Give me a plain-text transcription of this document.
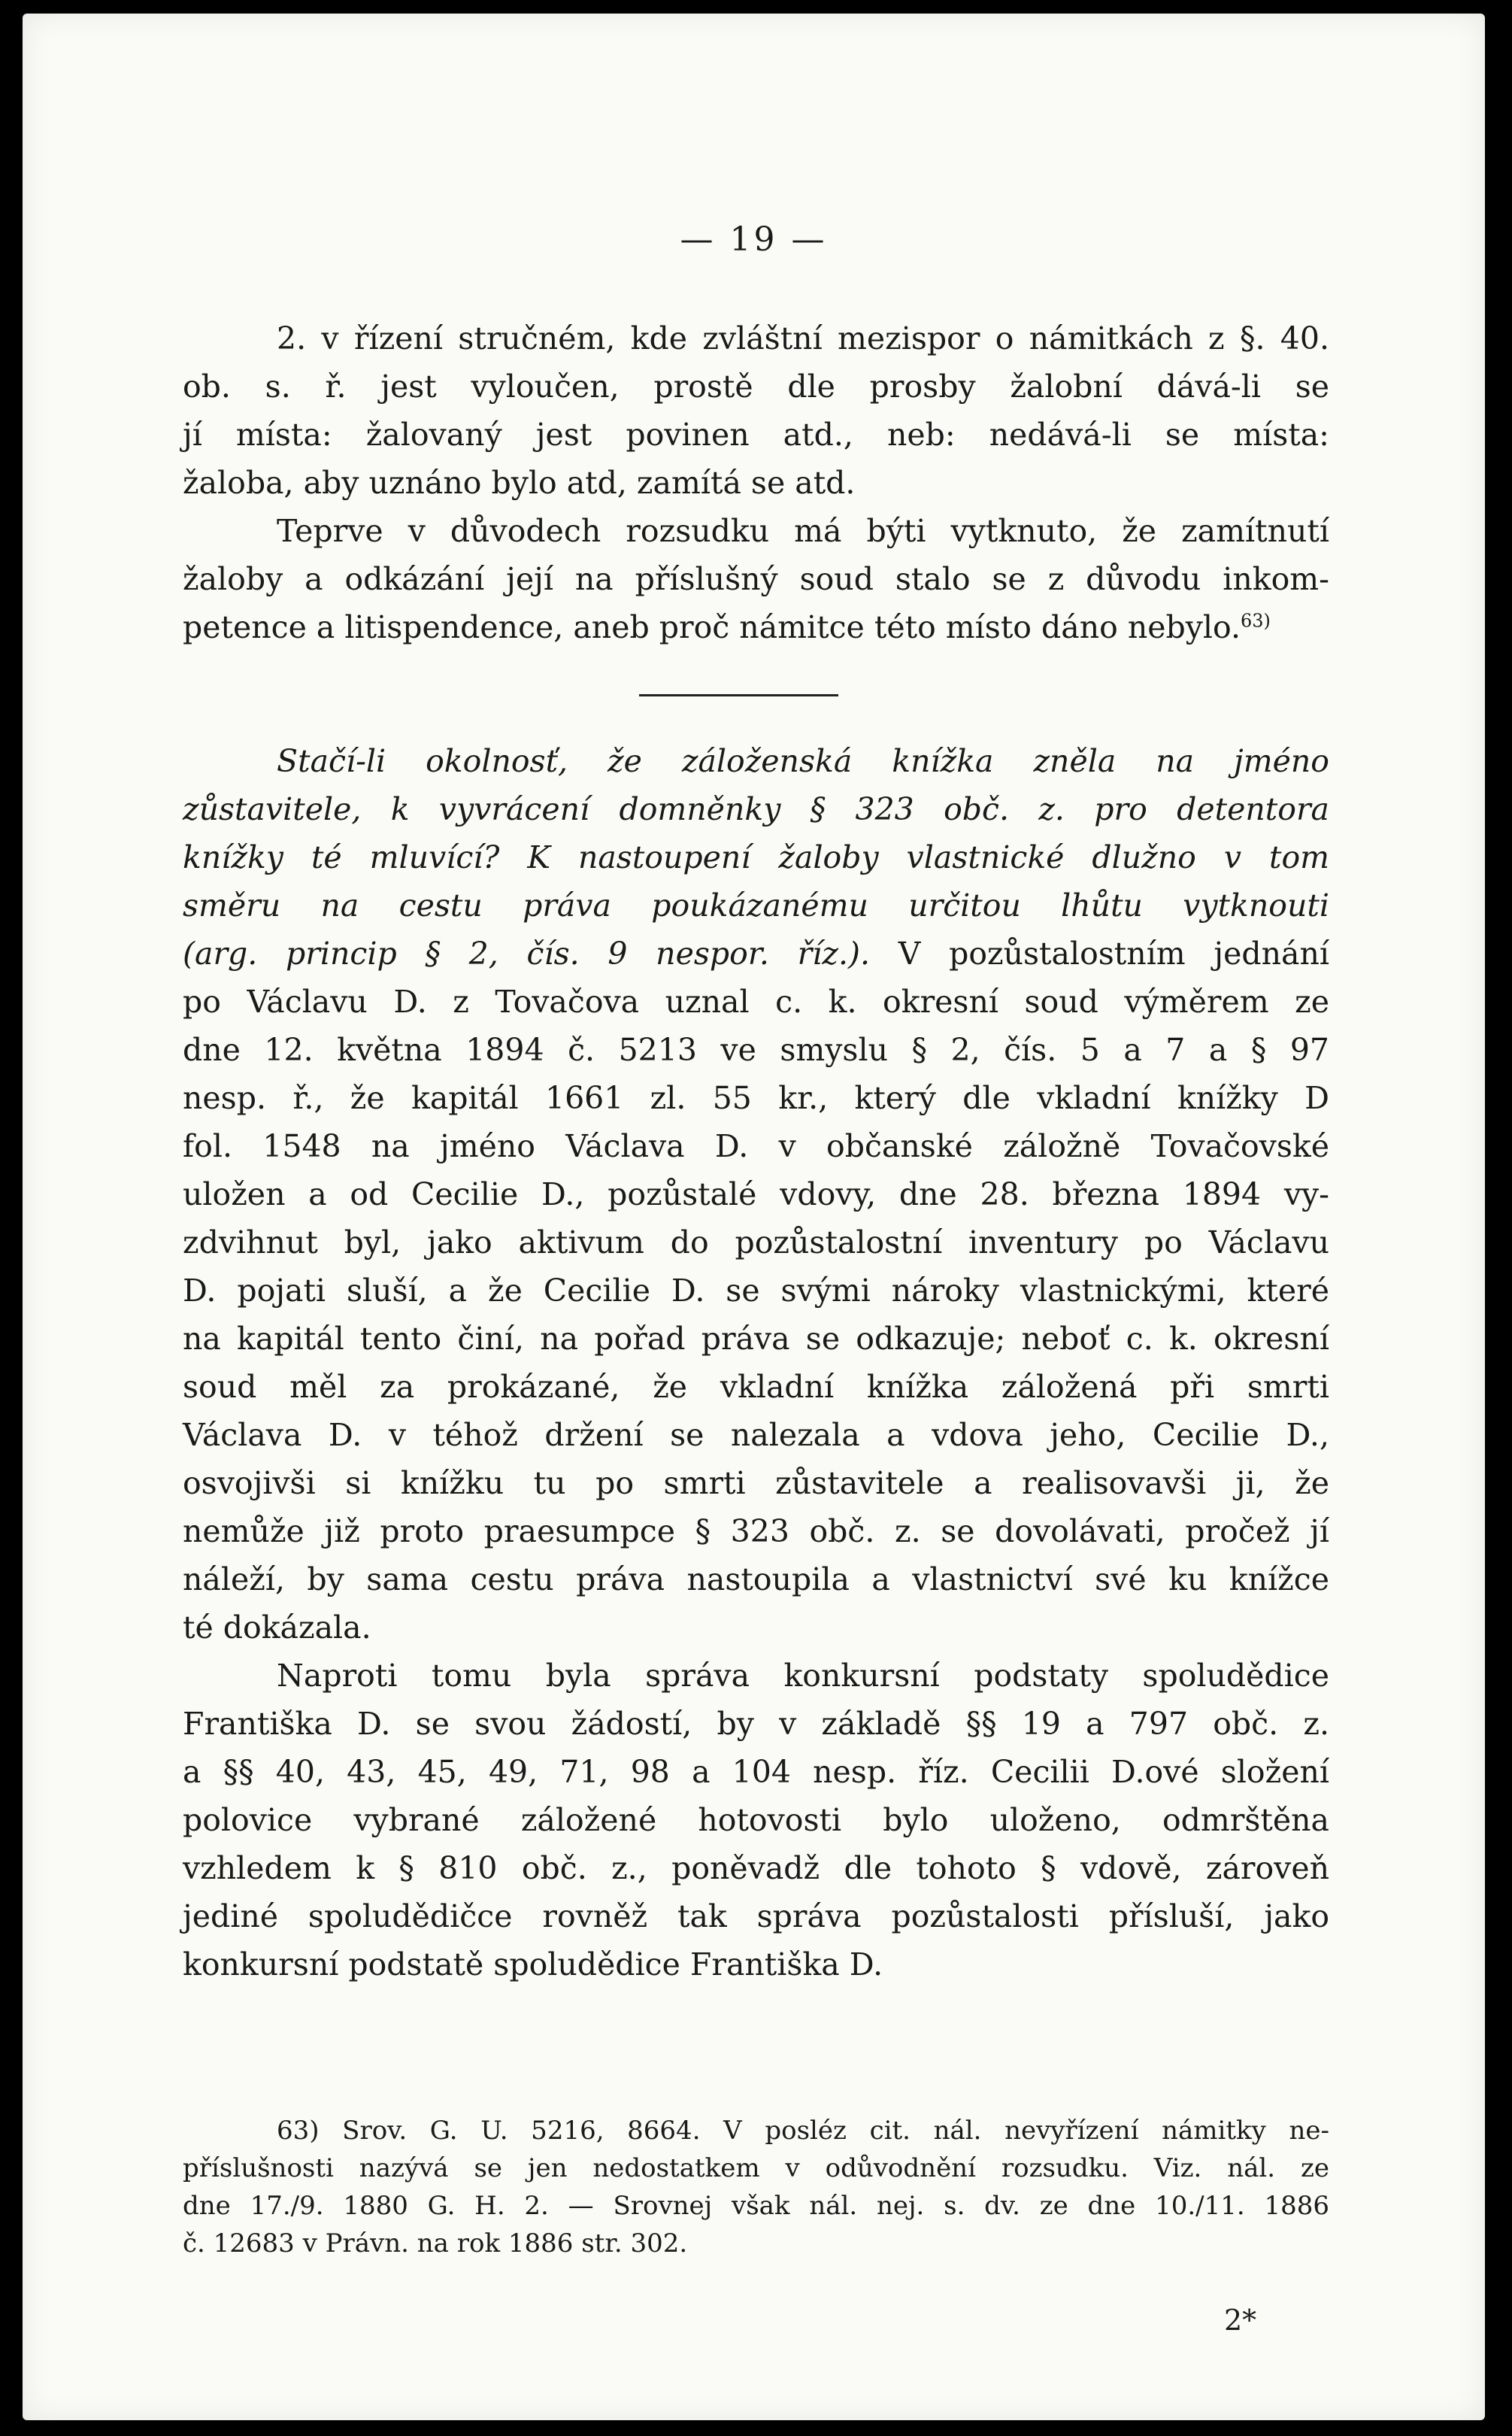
— 19 —
2. v řízení stručném, kde zvláštní mezispor o námitkách z §. 40.
ob. s. ř. jest vyloučen, prostě dle prosby žalobní dává-li se
jí místa: žalovaný jest povinen atd., neb: nedává-li se místa:
žaloba, aby uznáno bylo atd, zamítá se atd.
Teprve v důvodech rozsudku má býti vytknuto, že zamítnutí
žaloby a odkázání její na příslušný soud stalo se z důvodu inkom-
petence a litispendence, aneb proč námitce této místo dáno nebylo.$^{63)}$
Stačí-li okolnosť, že záloženská knížka zněla na jméno
zůstavitele, k vyvrácení domněnky § 323 obč. z. pro detentora
knížky té mluvící? K nastoupení žaloby vlastnické dlužno v tom
směru na cestu práva poukázanému určitou lhůtu vytknouti
(arg. princip § 2, čís. 9 nespor. říz.). V pozůstalostním jednání
po Václavu D. z Tovačova uznal c. k. okresní soud výměrem ze
dne 12. května 1894 č. 5213 ve smyslu § 2, čís. 5 a 7 a § 97
nesp. ř., že kapitál 1661 zl. 55 kr., který dle vkladní knížky D
fol. 1548 na jméno Václava D. v občanské záložně Tovačovské
uložen a od Cecilie D., pozůstalé vdovy, dne 28. března 1894 vy-
zdvihnut byl, jako aktivum do pozůstalostní inventury po Václavu
D. pojati sluší, a že Cecilie D. se svými nároky vlastnickými, které
na kapitál tento činí, na pořad práva se odkazuje; neboť c. k. okresní
soud měl za prokázané, že vkladní knížka záložená při smrti
Václava D. v téhož držení se nalezala a vdova jeho, Cecilie D.,
osvojivši si knížku tu po smrti zůstavitele a realisovavši ji, že
nemůže již proto praesumpce § 323 obč. z. se dovolávati, pročež jí
náleží, by sama cestu práva nastoupila a vlastnictví své ku knížce
té dokázala.
Naproti tomu byla správa konkursní podstaty spoludědice
Františka D. se svou žádostí, by v základě §§ 19 a 797 obč. z.
a §§ 40, 43, 45, 49, 71, 98 a 104 nesp. říz. Cecilii D.ové složení
polovice vybrané záložené hotovosti bylo uloženo, odmrštěna
vzhledem k § 810 obč. z., poněvadž dle tohoto § vdově, zároveň
jediné spoludědičce rovněž tak správa pozůstalosti přísluší, jako
konkursní podstatě spoludědice Františka D.
63) Srov. G. U. 5216, 8664. V posléz cit. nál. nevyřízení námitky ne-
příslušnosti nazývá se jen nedostatkem v odůvodnění rozsudku. Viz. nál. ze
dne 17./9. 1880 G. H. 2. — Srovnej však nál. nej. s. dv. ze dne 10./11. 1886
č. 12683 v Právn. na rok 1886 str. 302.
2*
